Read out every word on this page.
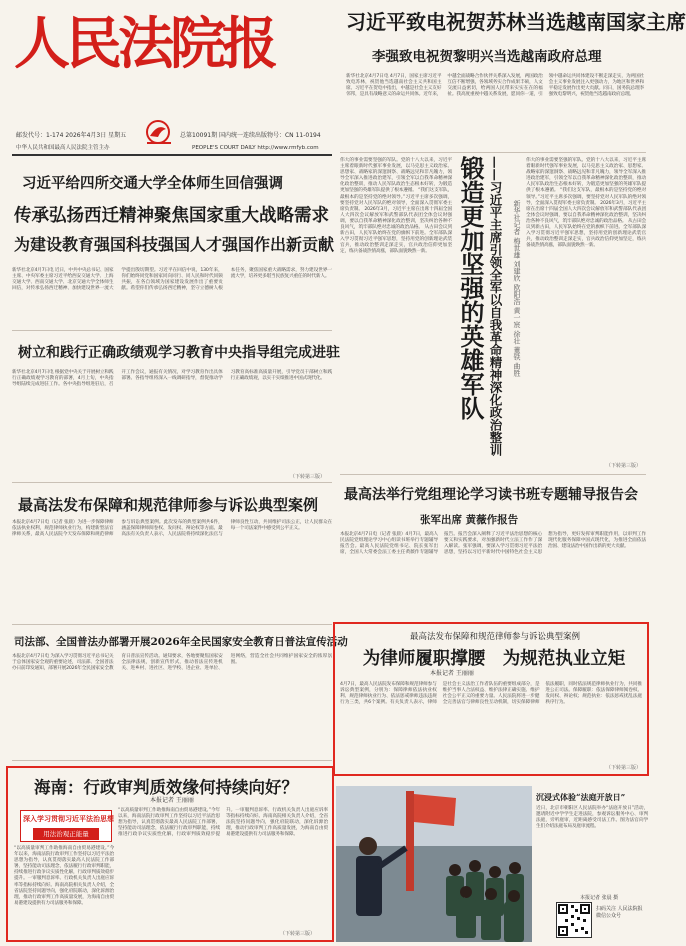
人民法院报
邮发代号：1-174 2026年4月3日 星期五	总第10091期 国内统一连续出版物号：CN 11-0194
中华人民共和国最高人民法院主管主办	PEOPLE'S COURT DAILY http://www.rmfyb.com
习近平致电祝贺苏林当选越南国家主席
李强致电祝贺黎明兴当选越南政府总理
新华社北京4月7日电 4月7日，国家主席习近平致电苏林，祝贺他当选越南社会主义共和国主席。习近平在贺电中指出，中越是社会主义友好邻邦，是具有战略意义的命运共同体。近年来，中越全面战略合作伙伴关系深入发展，两国政治互信不断增强，各领域务实合作成果丰硕，人文交流日益密切，给两国人民带来实实在在的福祉。我高度重视中越关系发展，愿同你一道，引领中越命运共同体建设不断走深走实，为两国社会主义事业发展注入更强动力，为地区和世界和平稳定发展作出更大贡献。同日，国务院总理李强致电黎明兴，祝贺他当选越南政府总理。
习近平给四所交通大学全体师生回信强调
传承弘扬西迁精神聚焦国家重大战略需求
为建设教育强国科技强国人才强国作出新贡献
新华社北京4月7日电 近日，中共中央总书记、国家主席、中央军委主席习近平给西安交通大学、上海交通大学、西南交通大学、北京交通大学全体师生回信，对传承弘扬西迁精神、加快建设世界一流大学提出殷切期望。习近平在回信中说，130年来，你们始终同党和国家同向同行、同人民和时代同频共振，在各自领域为国家建设发展作出了重要贡献。希望你们传承弘扬西迁精神，坚守立德树人根本任务，聚焦国家重大战略需求，努力建设世界一流大学，培养更多堪当民族复兴重任的时代新人。
树立和践行正确政绩观学习教育中央指导组完成进驻
新华社北京4月7日电 根据党中央关于开展树立和践行正确政绩观学习教育的部署，4月上旬，中央指导组陆续完成进驻工作。各中央指导组进驻后，召开工作会议，通报有关情况，对学习教育作出具体部署。各指导组将深入一线调研指导，督促推动学习教育高标准高质量开展，引导党员干部树立和践行正确政绩观，以实干实绩推进中国式现代化。
（下转第三版）
最高法发布保障和规范律师参与诉讼典型案例
本报北京4月7日电（记者 张晨）为进一步保障律师依法执业权利，规范律师执业行为，构建新型法官律师关系，最高人民法院今天发布保障和规范律师参与诉讼典型案例。此次发布的典型案例共6件，涵盖保障律师阅卷权、发问权、辩论权等方面。最高法有关负责人表示，人民法院将持续深化法官与律师良性互动，共同维护司法公正，让人民群众在每一个司法案件中感受到公平正义。
司法部、全国普法办部署开展2026年全民国家安全教育日普法宣传活动
本报北京4月7日电 为深入学习贯彻习近平总书记关于总体国家安全观的重要论述，司法部、全国普法办日前印发通知，部署开展2026年全民国家安全教育日普法宣传活动。通知要求，各地要聚焦国家安全法律法规，创新宣传形式，推动普法宣传进机关、进乡村、进社区、进学校、进企业、进单位、进网络，营造全社会共同维护国家安全的浓厚氛围。
伟大的事业需要坚强的军队。党的十八大以来，习近平主席着眼新时代强军事业发展，以马克思主义政治家、思想家、战略家的深邃洞察、战略远见和非凡魄力，领导全军深入推进政治建军，引领全军以自我革命精神深化政治整训，推动人民军队政治生态根本好转，为锻造更加坚强的英雄军队提供了根本遵循。 “我们这支军队，最根本的是坚持党的绝对领导。”习近平主席多次强调，要坚持党对人民军队的绝对领导，全面深入贯彻军委主席负责制。 2026年3月，习近平主席在出席十四届全国人大四次会议解放军和武警部队代表团全体会议时强调，要以自我革命精神深化政治整训，坚决纠治各种不良风气，筑牢部队绝对忠诚的政治品格。 从古田会议到新古田，人民军队始终在党的旗帜下前进。全军部队深入学习贯彻习近平强军思想，坚持用党的创新理论武装官兵，推动政治整训走深走实，官兵政治信仰更加坚定，练兵备战热情高涨，部队面貌焕然一新。	锻造更加坚强的英雄军队 ——习近平主席引领全军以自我革命精神深化政治整训 新华社记者 梅世雄 刘建欣 欧阳浩 黄一宸 徐壮 董铁 曲胜
伟大的事业需要坚强的军队。党的十八大以来，习近平主席着眼新时代强军事业发展，以马克思主义政治家、思想家、战略家的深邃洞察、战略远见和非凡魄力，领导全军深入推进政治建军，引领全军以自我革命精神深化政治整训，推动人民军队政治生态根本好转，为锻造更加坚强的英雄军队提供了根本遵循。 “我们这支军队，最根本的是坚持党的绝对领导。”习近平主席多次强调，要坚持党对人民军队的绝对领导，全面深入贯彻军委主席负责制。 2026年3月，习近平主席在出席十四届全国人大四次会议解放军和武警部队代表团全体会议时强调，要以自我革命精神深化政治整训，坚决纠治各种不良风气，筑牢部队绝对忠诚的政治品格。 从古田会议到新古田，人民军队始终在党的旗帜下前进。全军部队深入学习贯彻习近平强军思想，坚持用党的创新理论武装官兵，推动政治整训走深走实，官兵政治信仰更加坚定，练兵备战热情高涨，部队面貌焕然一新。
（下转第三版）
最高法举行党组理论学习读书班专题辅导报告会
张军出席 黄薇作报告
本报北京4月7日电（记者 张晨）4月7日，最高人民法院党组理论学习中心组读书班举行专题辅导报告会。最高人民法院党组书记、院长张军出席，全国人大常委会法工委主任黄薇作专题辅导报告。报告会深入阐释了习近平法治思想的核心要义和实践要求，对加强新时代立法工作作了深入解读。张军强调，要深入学习贯彻习近平法治思想，坚持以习近平新时代中国特色社会主义思想为指导，更好发挥审判职能作用，以审判工作现代化服务保障中国式现代化，为推进全面依法治国、建设法治中国作出新的更大贡献。
最高法发布保障和规范律师参与诉讼典型案例
为律师履职撑腰　为规范执业立矩
本报记者 王丽丽
4月7日，最高人民法院发布保障和规范律师参与诉讼典型案例，分别为：保障律师依法执业权利、规范律师执业行为、依法惩戒律师违法违规行为三类，共6个案例。有关负责人表示，律师是社会主义法治工作者队伍的重要组成部分，是维护当事人合法权益、维护法律正确实施、维护社会公平正义的重要力量。人民法院将进一步健全完善法官与律师良性互动机制，切实保障律师依法履职，同时依法规范律师执业行为，共同推进公正司法。保障履职：依法保障律师阅卷权、发问权、辩论权；规范执业：依法惩戒扰乱法庭秩序行为。
（下转第三版）
海南：行政审判质效缘何持续向好？
本报记者 王丽丽
深入学习贯彻习近平法治思想
用法治观正能量
“以高质量审判工作助推海南自由贸易港建设。”今年以来，海南法院行政审判工作坚持以习近平法治思想为指导，认真贯彻落实最高人民法院工作部署，坚持能动司法理念，依法履行行政审判职能，持续推进行政争议实质性化解，行政审判质效稳步提升。一审服判息诉率、行政机关负责人出庭应诉率等指标持续向好。海南高院相关负责人介绍，全省法院坚持问题导向，强化府院联动，深化诉源治理，推动行政审判工作高质量发展，为海南自由贸易港建设提供有力司法服务和保障。
“以高质量审判工作助推海南自由贸易港建设。”今年以来，海南法院行政审判工作坚持以习近平法治思想为指导，认真贯彻落实最高人民法院工作部署，坚持能动司法理念，依法履行行政审判职能，持续推进行政争议实质性化解，行政审判质效稳步提升。一审服判息诉率、行政机关负责人出庭应诉率等指标持续向好。海南高院相关负责人介绍，全省法院坚持问题导向，强化府院联动，深化诉源治理，推动行政审判工作高质量发展，为海南自由贸易港建设提供有力司法服务和保障。
（下转第三版）
沉浸式体验“法庭开放日”
近日，北京市朝阳区人民法院举办“法庭开放日”活动，邀请附近中学学生走进法院，参观诉讼服务中心、审判法庭，旁听庭审，近距离感受司法工作。图为法官向学生们介绍法庭布局及庭审流程。
本报记者 张晨 摄
扫码关注 人民法院报 微信公众号
